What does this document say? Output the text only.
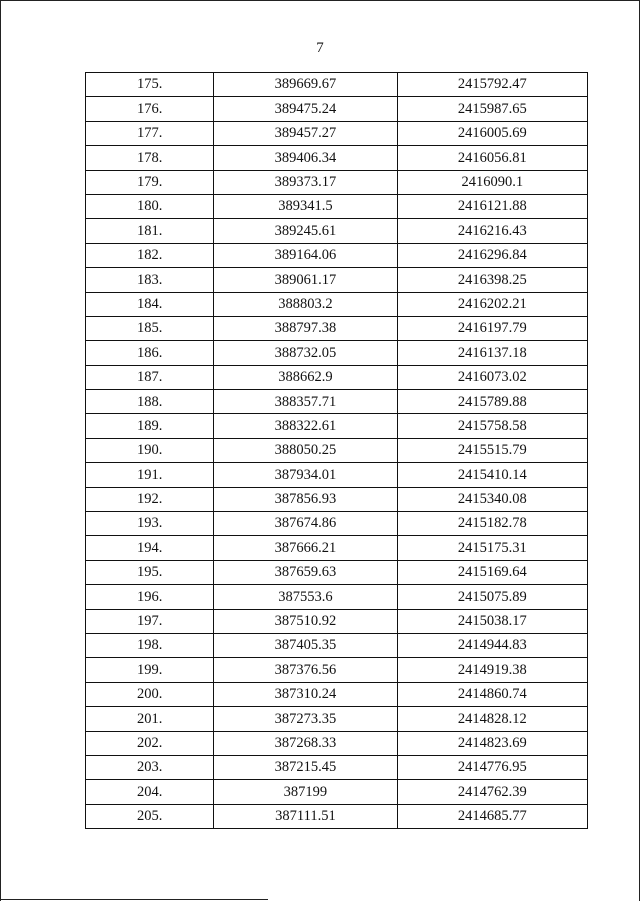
7
175.	389669.67	2415792.47
176.	389475.24	2415987.65
177.	389457.27	2416005.69
178.	389406.34	2416056.81
179.	389373.17	2416090.1
180.	389341.5	2416121.88
181.	389245.61	2416216.43
182.	389164.06	2416296.84
183.	389061.17	2416398.25
184.	388803.2	2416202.21
185.	388797.38	2416197.79
186.	388732.05	2416137.18
187.	388662.9	2416073.02
188.	388357.71	2415789.88
189.	388322.61	2415758.58
190.	388050.25	2415515.79
191.	387934.01	2415410.14
192.	387856.93	2415340.08
193.	387674.86	2415182.78
194.	387666.21	2415175.31
195.	387659.63	2415169.64
196.	387553.6	2415075.89
197.	387510.92	2415038.17
198.	387405.35	2414944.83
199.	387376.56	2414919.38
200.	387310.24	2414860.74
201.	387273.35	2414828.12
202.	387268.33	2414823.69
203.	387215.45	2414776.95
204.	387199	2414762.39
205.	387111.51	2414685.77
